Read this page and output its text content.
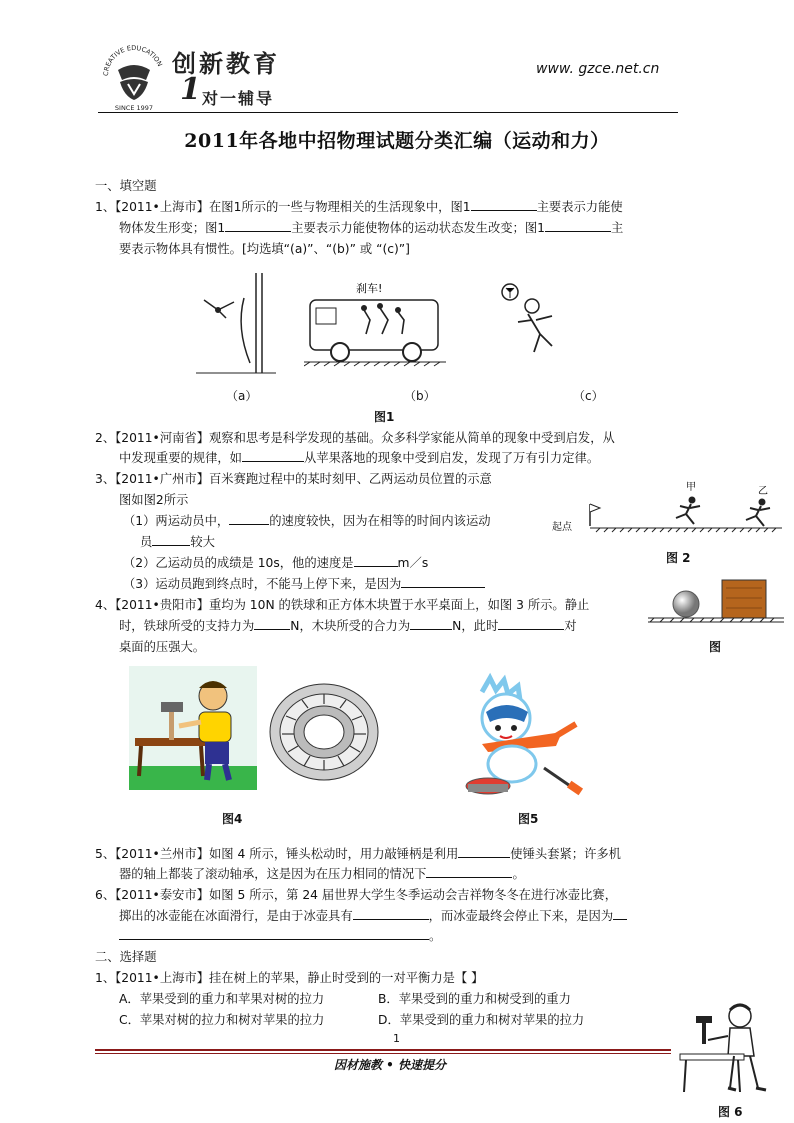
CREATIVE EDUCATION
SINCE 1997
创新教育
1 对一辅导
www. gzce.net.cn
2011年各地中招物理试题分类汇编（运动和力）
一、填空题
1、【2011•上海市】在图1所示的一些与物理相关的生活现象中，图1	主要表示力能使
物体发生形变；图1	主要表示力能使物体的运动状态发生改变；图1	主
要表示物体具有惯性。[均选填“(a)”、“(b)” 或 “(c)”]
刹车!
（a）	（b）	（c）
图1
2、【2011•河南省】观察和思考是科学发现的基础。众多科学家能从简单的现象中受到启发，从
中发现重要的规律，如	从苹果落地的现象中受到启发，发现了万有引力定律。
3、【2011•广州市】百米赛跑过程中的某时刻甲、乙两运动员位置的示意
图如图2所示
（1）两运动员中，	的速度较快，因为在相等的时间内该运动
员	较大
（2）乙运动员的成绩是 10s，他的速度是	m／s
（3）运动员跑到终点时，不能马上停下来，是因为
起点
甲	乙
图 2
图
4、【2011•贵阳市】重均为 10N 的铁球和正方体木块置于水平桌面上，如图 3 所示。静止
时，铁球所受的支持力为	N，木块所受的合力为	N，此时	对
桌面的压强大。
图4	图5
5、【2011•兰州市】如图 4 所示，锤头松动时，用力敲锤柄是利用	使锤头套紧；许多机
器的轴上都装了滚动轴承，这是因为在压力相同的情况下	。
6、【2011•泰安市】如图 5 所示，第 24 届世界大学生冬季运动会吉祥物冬冬在进行冰壶比赛，
掷出的冰壶能在冰面滑行，是由于冰壶具有	，而冰壶最终会停止下来，是因为
。
二、选择题
1、【2011•上海市】挂在树上的苹果，静止时受到的一对平衡力是【 】
A．苹果受到的重力和苹果对树的拉力	B．苹果受到的重力和树受到的重力
C．苹果对树的拉力和树对苹果的拉力	D．苹果受到的重力和树对苹果的拉力
1
因材施教 • 快速提分
图 6
